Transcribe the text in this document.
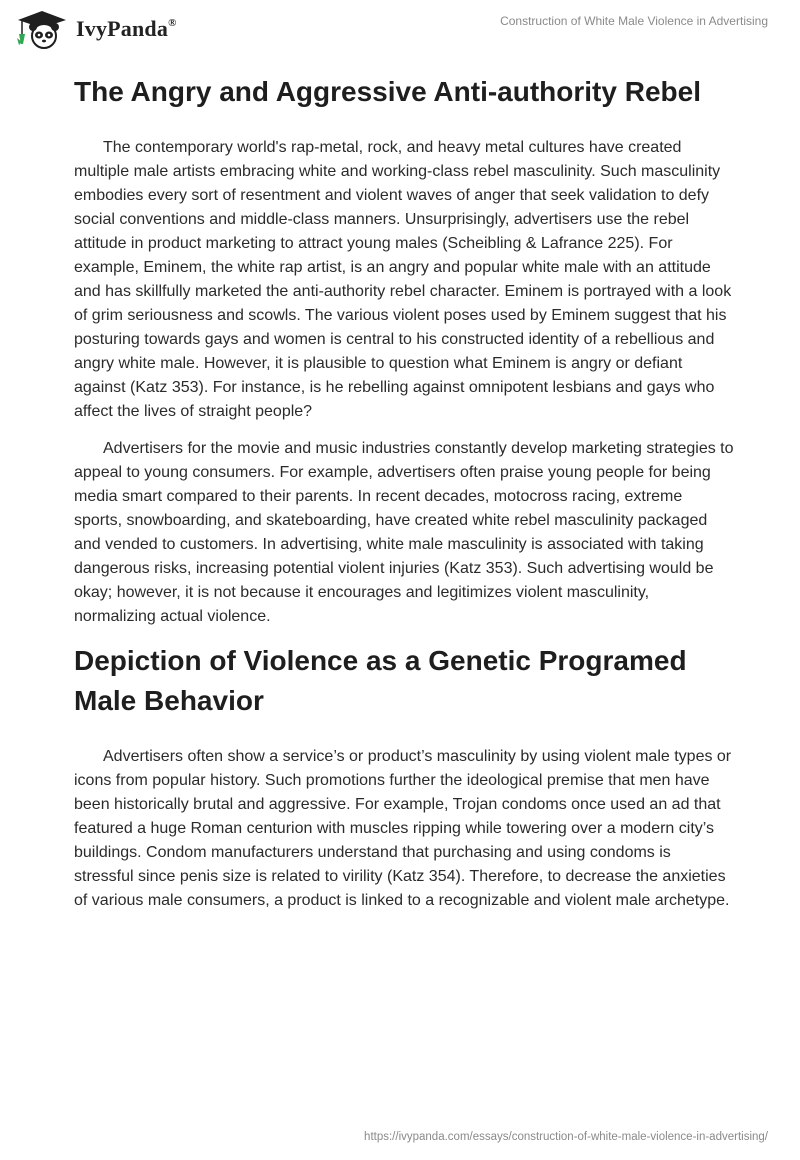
IvyPanda®	Construction of White Male Violence in Advertising
The Angry and Aggressive Anti-authority Rebel

The contemporary world's rap-metal, rock, and heavy metal cultures have created multiple male artists embracing white and working-class rebel masculinity. Such masculinity embodies every sort of resentment and violent waves of anger that seek validation to defy social conventions and middle-class manners. Unsurprisingly, advertisers use the rebel attitude in product marketing to attract young males (Scheibling & Lafrance 225). For example, Eminem, the white rap artist, is an angry and popular white male with an attitude and has skillfully marketed the anti-authority rebel character. Eminem is portrayed with a look of grim seriousness and scowls. The various violent poses used by Eminem suggest that his posturing towards gays and women is central to his constructed identity of a rebellious and angry white male. However, it is plausible to question what Eminem is angry or defiant against (Katz 353). For instance, is he rebelling against omnipotent lesbians and gays who affect the lives of straight people?

Advertisers for the movie and music industries constantly develop marketing strategies to appeal to young consumers. For example, advertisers often praise young people for being media smart compared to their parents. In recent decades, motocross racing, extreme sports, snowboarding, and skateboarding, have created white rebel masculinity packaged and vended to customers. In advertising, white male masculinity is associated with taking dangerous risks, increasing potential violent injuries (Katz 353). Such advertising would be okay; however, it is not because it encourages and legitimizes violent masculinity, normalizing actual violence.

Depiction of Violence as a Genetic Programed Male Behavior

Advertisers often show a service’s or product’s masculinity by using violent male types or icons from popular history. Such promotions further the ideological premise that men have been historically brutal and aggressive. For example, Trojan condoms once used an ad that featured a huge Roman centurion with muscles ripping while towering over a modern city’s buildings. Condom manufacturers understand that purchasing and using condoms is stressful since penis size is related to virility (Katz 354). Therefore, to decrease the anxieties of various male consumers, a product is linked to a recognizable and violent male archetype.

https://ivypanda.com/essays/construction-of-white-male-violence-in-advertising/
